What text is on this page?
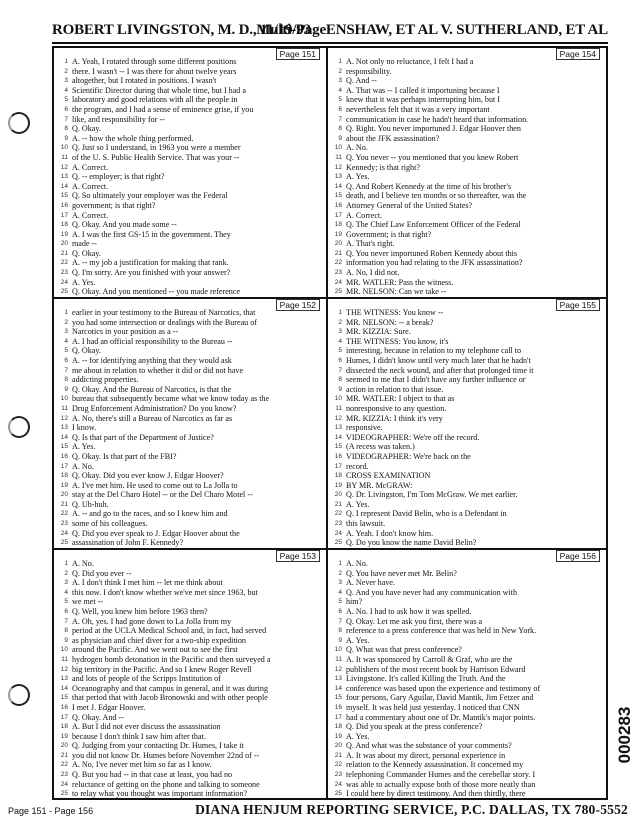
ROBERT LIVINGSTON, M. D., 11/19/93
Multi-PageENSHAW, ET AL V. SUTHERLAND, ET AL
Page 151
1 A. Yeah, I rotated through some different positions
2 there. I wasn't -- I was there for about twelve years
3 altogether, but I rotated in positions. I wasn't
4 Scientific Director during that whole time, but I had a
5 laboratory and good relations with all the people in
6 the program, and I had a sense of eminence grise, if you
7 like, and responsibility for --
8 Q. Okay.
9 A. -- how the whole thing performed.
10 Q. Just so I understand, in 1963 you were a member
11 of the U. S. Public Health Service. That was your --
12 A. Correct.
13 Q. -- employer; is that right?
14 A. Correct.
15 Q. So ultimately your employer was the Federal
16 government; is that right?
17 A. Correct.
18 Q. Okay. And you made some --
19 A. I was the first GS-15 in the government. They
20 made --
21 Q. Okay.
22 A. -- my job a justification for making that rank.
23 Q. I'm sorry. Are you finished with your answer?
24 A. Yes.
25 Q. Okay. And you mentioned -- you made reference
Page 154
1 A. Not only no reluctance, I felt I had a
2 responsibility.
3 Q. And --
4 A. That was -- I called it importuning because I
5 knew that it was perhaps interrupting him, but I
6 nevertheless felt that it was a very important
7 communication in case he hadn't heard that information.
8 Q. Right. You never importuned J. Edgar Hoover then
9 about the JFK assassination?
10 A. No.
11 Q. You never -- you mentioned that you knew Robert
12 Kennedy; is that right?
13 A. Yes.
14 Q. And Robert Kennedy at the time of his brother's
15 death, and I believe ten months or so thereafter, was the
16 Attorney General of the United States?
17 A. Correct.
18 Q. The Chief Law Enforcement Officer of the Federal
19 Government; is that right?
20 A. That's right.
21 Q. You never importuned Robert Kennedy about this
22 information you had relating to the JFK assassination?
23 A. No, I did not.
24 MR. WATLER: Pass the witness.
25 MR. NELSON: Can we take --
Page 152
1 earlier in your testimony to the Bureau of Narcotics, that
2 you had some intersection or dealings with the Bureau of
3 Narcotics in your position as a --
4 A. I had an official responsibility to the Bureau --
5 Q. Okay.
6 A. -- for identifying anything that they would ask
7 me about in relation to whether it did or did not have
8 addicting properties.
9 Q. Okay. And the Bureau of Narcotics, is that the
10 bureau that subsequently became what we know today as the
11 Drug Enforcement Administration? Do you know?
12 A. No, there's still a Bureau of Narcotics as far as
13 I know.
14 Q. Is that part of the Department of Justice?
15 A. Yes.
16 Q. Okay. Is that part of the FBI?
17 A. No.
18 Q. Okay. Did you ever know J. Edgar Hoover?
19 A. I've met him. He used to come out to La Jolla to
20 stay at the Del Charo Hotel -- or the Del Charo Motel --
21 Q. Uh-huh.
22 A. -- and go to the races, and so I knew him and
23 some of his colleagues.
24 Q. Did you ever speak to J. Edgar Hoover about the
25 assassination of John F. Kennedy?
Page 155
1 THE WITNESS: You know --
2 MR. NELSON: -- a break?
3 MR. KIZZIA: Sure.
4 THE WITNESS: You know, it's
5 interesting, because in relation to my telephone call to
6 Humes, I didn't know until very much later that he hadn't
7 dissected the neck wound, and after that prolonged time it
8 seemed to me that I didn't have any further influence or
9 action in relation to that issue.
10 MR. WATLER: I object to that as
11 nonresponsive to any question.
12 MR. KIZZIA: I think it's very
13 responsive.
14 VIDEOGRAPHER: We're off the record.
15 (A recess was taken.)
16 VIDEOGRAPHER: We're back on the
17 record.
18 CROSS EXAMINATION
19 BY MR. McGRAW:
20 Q. Dr. Livingston, I'm Tom McGraw. We met earlier.
21 A. Yes.
22 Q. I represent David Belin, who is a Defendant in
23 this lawsuit.
24 A. Yeah. I don't know him.
25 Q. Do you know the name David Belin?
Page 153
1 A. No.
2 Q. Did you ever --
3 A. I don't think I met him -- let me think about
4 this now. I don't know whether we've met since 1963, but
5 we met --
6 Q. Well, you knew him before 1963 then?
7 A. Oh, yes. I had gone down to La Jolla from my
8 period at the UCLA Medical School and, in fact, had served
9 as physician and chief diver for a two-ship expedition
10 around the Pacific. And we went out to see the first
11 hydrogen bomb detonation in the Pacific and then surveyed a
12 big territory in the Pacific. And so I knew Roger Revell
13 and lots of people of the Scripps Institution of
14 Oceanography and that campus in general, and it was during
15 that period that with Jacob Bronowski and with other people
16 I met J. Edgar Hoover.
17 Q. Okay. And --
18 A. But I did not ever discuss the assassination
19 because I don't think I saw him after that.
20 Q. Judging from your contacting Dr. Humes, I take it
21 you did not know Dr. Humes before November 22nd of --
22 A. No, I've never met him so far as I know.
23 Q. But you had -- in that case at least, you had no
24 reluctance of getting on the phone and talking to someone
25 to relay what you thought was important information?
Page 156
1 A. No.
2 Q. You have never met Mr. Belin?
3 A. Never have.
4 Q. And you have never had any communication with
5 him?
6 A. No. I had to ask how it was spelled.
7 Q. Okay. Let me ask you first, there was a
8 reference to a press conference that was held in New York.
9 A. Yes.
10 Q. What was that press conference?
11 A. It was sponsored by Carroll & Graf, who are the
12 publishers of the most recent book by Harrison Edward
13 Livingstone. It's called Killing the Truth. And the
14 conference was based upon the experience and testimony of
15 four persons, Gary Aguilar, David Mantik, Jim Fetzer and
16 myself. It was held just yesterday. I noticed that CNN
17 had a commentary about one of Dr. Mantik's major points.
18 Q. Did you speak at the press conference?
19 A. Yes.
20 Q. And what was the substance of your comments?
21 A. It was about my direct, personal experience in
22 relation to the Kennedy assassination. It concerned my
23 telephoning Commander Humes and the cerebellar story. I
24 was able to actually expose both of those more neatly than
25 I could here by direct testimony. And then thirdly, there
000283
Page 151 - Page 156	DIANA HENJUM REPORTING SERVICE, P.C. DALLAS, TX 780-5552
